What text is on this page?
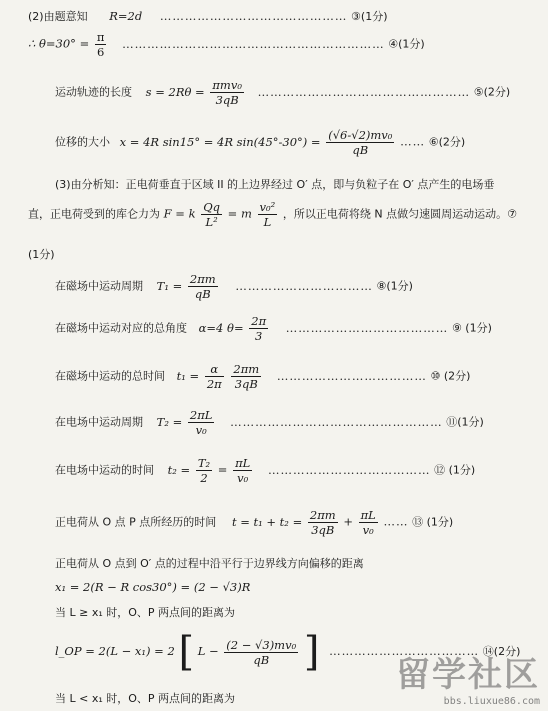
(2)由题意知 R=2d ……………………………………… ③(1分)
∴ $\theta=30^\circ = \frac{\pi}{6}$ ……………………………………………………… ④(1分)
运动轨迹的长度 $s = 2R\theta = \frac{\text{πmv₀}}{3qB}$ …………………………………………… ⑤(2分)
位移的大小 x = 4R sin15° = 4R $\sin(45^\circ-30^\circ) = \frac{\text{(√6-√2)mv₀}}{qB}$ …… ⑥(2分)
(3)由分析知：正电荷垂直于区域 II 的上边界经过 O′ 点，即与负粒子在 O′ 点产生的电场垂
直，正电荷受到的库仑力为 F = k $\frac{Qq}{\text{L²}} = m \frac{\text{v₀²}}{L}$ ，所以正电荷将绕 N 点做匀速圆周运动运动。⑦
(1分)
在磁场中运动周期 $T_1 = \frac{2\pi m}{qB}$ …………………………… ⑧(1分)
在磁场中运动对应的总角度 α=4 $\theta= \frac{2\pi}{3}$ ………………………………… ⑨ (1分)
在磁场中运动的总时间 $t_1 = \frac{\alpha}{2\pi}$
$\frac{2\pi m}{3qB}$ ……………………………… ⑩ (2分)
在电场中运动周期 $T_2 = \frac{2\pi L}{\text{v₀}}$ …………………………………………… ⑪(1分)
在电场中运动的时间 $t_2 = \frac{\text{T₂}}{2} = \frac{\pi L}{\text{v₀}}$ ………………………………… ⑫ (1分)
正电荷从 O 点 P 点所经历的时间 $t = t_1 + t_2 = \frac{2\pi m}{3qB} + \frac{\pi L}{\text{v₀}}$ …… ⑬ (1分)
正电荷从 O 点到 O′ 点的过程中沿平行于边界线方向偏移的距离
x₁ = 2(R − R cos30°) = (2 − √3)R
当 L ≥ x₁ 时，O、P 两点间的距离为
l_OP = 2(L − x₁) = 2 [ $L - \frac{\text{(2 − √3)mv₀}}{qB}$ ] ……………………………… ⑭(2分)
当 L < x₁ 时，O、P 两点间的距离为
留学社区
bbs.liuxue86.com
